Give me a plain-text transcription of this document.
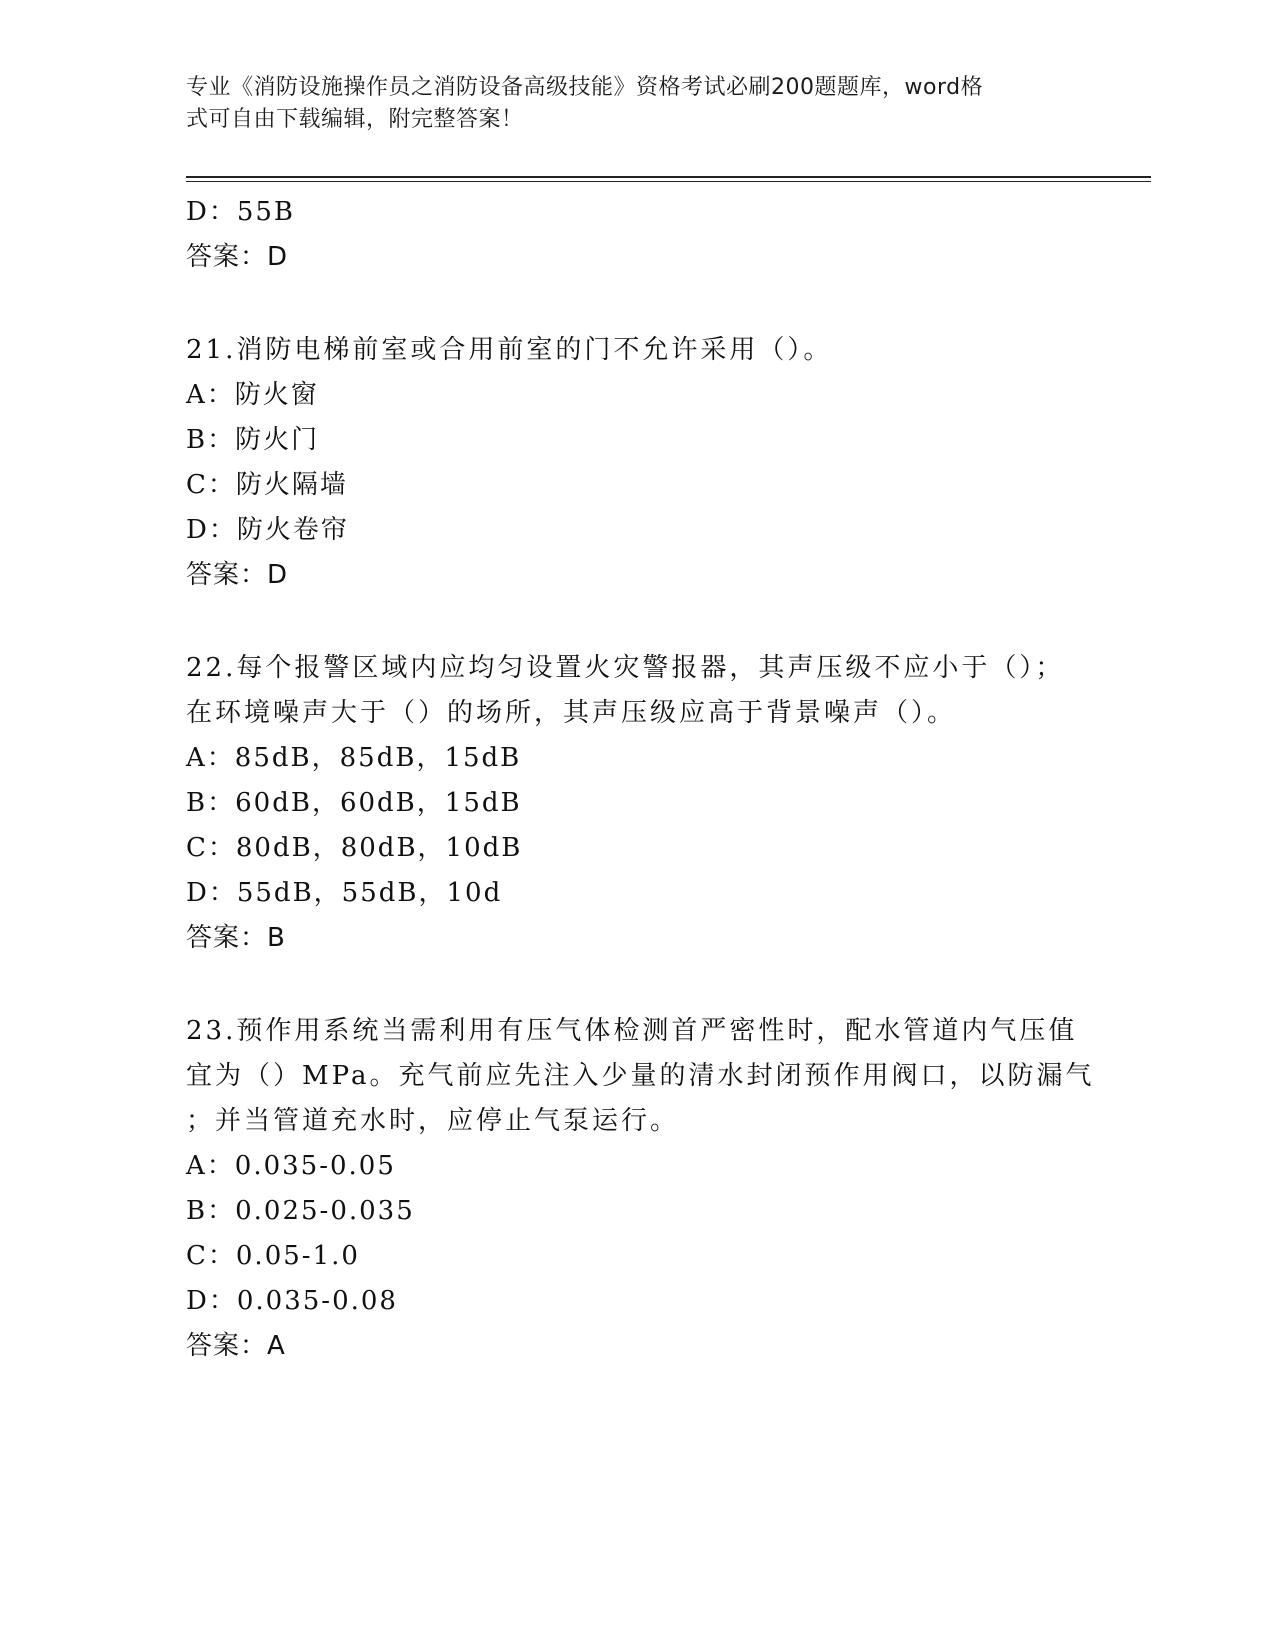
专业《消防设施操作员之消防设备高级技能》资格考试必刷200题题库，word格
式可自由下载编辑，附完整答案！
D：55B
答案：D
21.消防电梯前室或合用前室的门不允许采用（）。
A：防火窗
B：防火门
C：防火隔墙
D：防火卷帘
答案：D
22.每个报警区域内应均匀设置火灾警报器，其声压级不应小于（）；
在环境噪声大于（）的场所，其声压级应高于背景噪声（）。
A：85dB，85dB，15dB
B：60dB，60dB，15dB
C：80dB，80dB，10dB
D：55dB，55dB，10d
答案：B
23.预作用系统当需利用有压气体检测首严密性时，配水管道内气压值
宜为（）MPa。充气前应先注入少量的清水封闭预作用阀口，以防漏气
；并当管道充水时，应停止气泵运行。
A：0.035-0.05
B：0.025-0.035
C：0.05-1.0
D：0.035-0.08
答案：A
